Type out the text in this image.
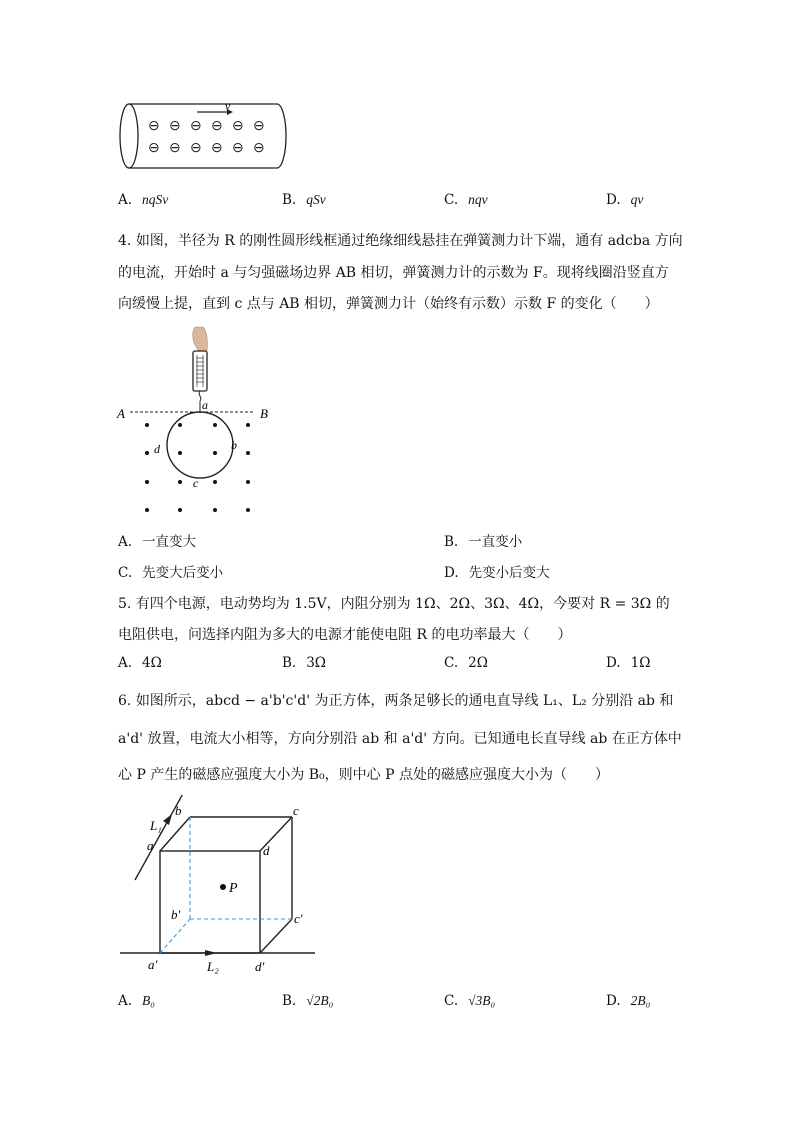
v
⊖ ⊖ ⊖ ⊖ ⊖ ⊖
⊖ ⊖ ⊖ ⊖ ⊖ ⊖
A. nqSv	B. qSv	C. nqv	D. qv
4. 如图，半径为 R 的刚性圆形线框通过绝缘细线悬挂在弹簧测力计下端，通有 adcba 方向
的电流，开始时 a 与匀强磁场边界 AB 相切，弹簧测力计的示数为 F。现将线圈沿竖直方
向缓慢上提，直到 c 点与 AB 相切，弹簧测力计（始终有示数）示数 F 的变化（　　）
A	B
a
b
c
d
A. 一直变大	B. 一直变小
C. 先变大后变小	D. 先变小后变大
5. 有四个电源，电动势均为 1.5V，内阻分别为 1Ω、2Ω、3Ω、4Ω，今要对 R = 3Ω 的
电阻供电，问选择内阻为多大的电源才能使电阻 R 的电功率最大（　　）
A. 4Ω	B. 3Ω	C. 2Ω	D. 1Ω
6. 如图所示，abcd − a'b'c'd' 为正方体，两条足够长的通电直导线 L₁、L₂ 分别沿 ab 和
a'd' 放置，电流大小相等，方向分别沿 ab 和 a'd' 方向。已知通电长直导线 ab 在正方体中
心 P 产生的磁感应强度大小为 B₀，则中心 P 点处的磁感应强度大小为（　　）
P
b	c
a	d
b'	c'
a'	d'
L₁
L₂
A. B₀	B. √2B₀	C. √3B₀	D. 2B₀
